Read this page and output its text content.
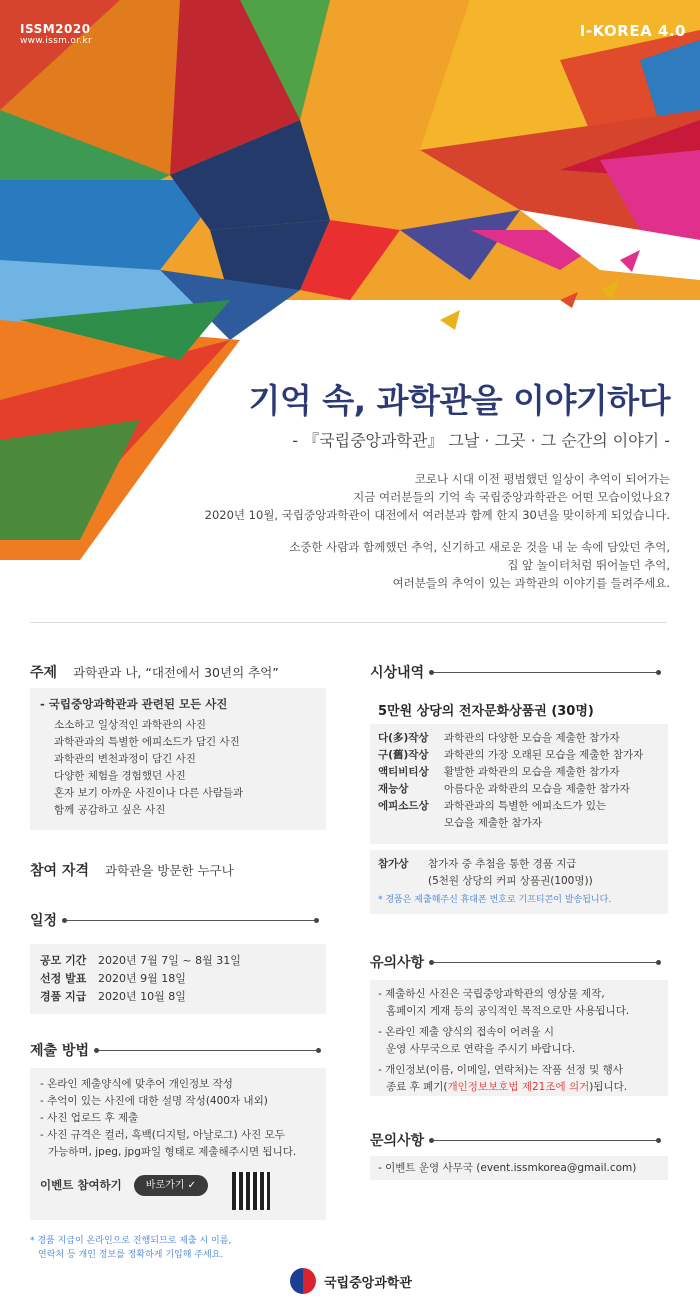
ISSM2020
www.issm.or.kr
I-KOREA 4.0
기억 속, 과학관을 이야기하다
- 『국립중앙과학관』 그날 · 그곳 · 그 순간의 이야기 -

코로나 시대 이전 평범했던 일상이 추억이 되어가는
지금 여러분들의 기억 속 국립중앙과학관은 어떤 모습이었나요?
2020년 10월, 국립중앙과학관이 대전에서 여러분과 함께 한지 30년을 맞이하게 되었습니다.

소중한 사람과 함께했던 추억, 신기하고 새로운 것을 내 눈 속에 담았던 추억,
집 앞 놀이터처럼 뛰어놀던 추억,
여러분들의 추억이 있는 과학관의 이야기를 들려주세요.

주제 과학관과 나, “대전에서 30년의 추억”
- 국립중앙과학관과 관련된 모든 사진
소소하고 일상적인 과학관의 사진
과학관과의 특별한 에피소드가 담긴 사진
과학관의 변천과정이 담긴 사진
다양한 체험을 경험했던 사진
혼자 보기 아까운 사진이나 다른 사람들과
함께 공감하고 싶은 사진
참여 자격 과학관을 방문한 누구나
일정
공모 기간	2020년 7월 7일 ~ 8월 31일
선정 발표	2020년 9월 18일
경품 지급	2020년 10월 8일
제출 방법
- 온라인 제출양식에 맞추어 개인정보 작성
- 추억이 있는 사진에 대한 설명 작성(400자 내외)
- 사진 업로드 후 제출
- 사진 규격은 컬러, 흑백(디지털, 아날로그) 사진 모두
가능하며, jpeg, jpg파일 형태로 제출해주시면 됩니다.
이벤트 참여하기	바로가기 ✓
* 경품 지급이 온라인으로 진행되므로 제출 시 이름,
연락처 등 개인 정보를 정확하게 기입해 주세요.
시상내역
5만원 상당의 전자문화상품권 (30명)
다(多)작상	과학관의 다양한 모습을 제출한 참가자
구(舊)작상	과학관의 가장 오래된 모습을 제출한 참가자
액티비티상	활발한 과학관의 모습을 제출한 참가자
재능상	아름다운 과학관의 모습을 제출한 참가자
에피소드상	과학관과의 특별한 에피소드가 있는
모습을 제출한 참가자
참가상	참가자 중 추첨을 통한 경품 지급
(5천원 상당의 커피 상품권(100명))
* 경품은 제출해주신 휴대폰 번호로 기프티콘이 발송됩니다.
유의사항
- 제출하신 사진은 국립중앙과학관의 영상물 제작,
홈페이지 게재 등의 공익적인 목적으로만 사용됩니다.
- 온라인 제출 양식의 접속이 어려울 시
운영 사무국으로 연락을 주시기 바랍니다.
- 개인정보(이름, 이메일, 연락처)는 작품 선정 및 행사
종료 후 폐기(개인정보보호법 제21조에 의거)됩니다.
문의사항
- 이벤트 운영 사무국 (event.issmkorea@gmail.com)
국립중앙과학관
